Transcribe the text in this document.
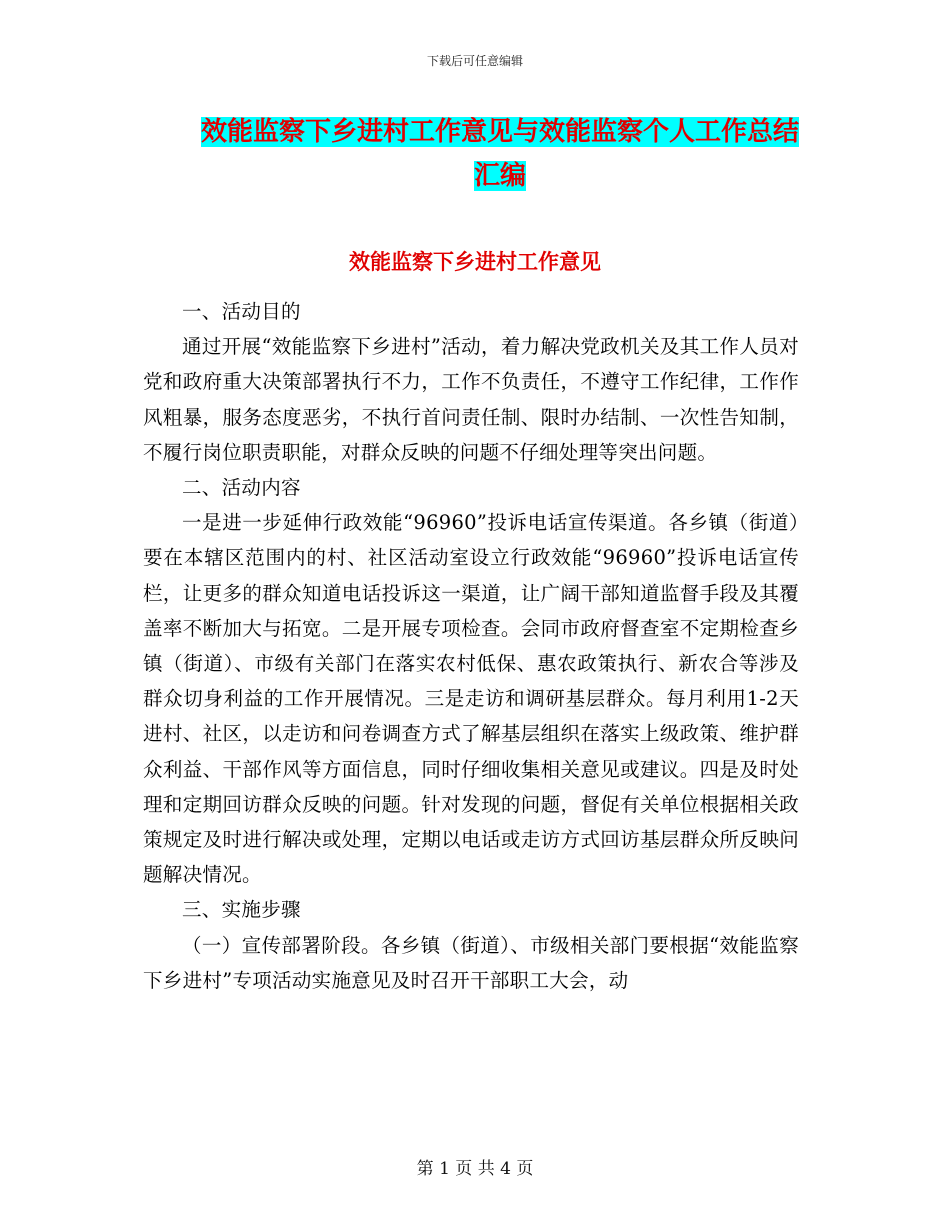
下载后可任意编辑
效能监察下乡进村工作意见与效能监察个人工作总结汇编
效能监察下乡进村工作意见

一、活动目的

通过开展“效能监察下乡进村”活动，着力解决党政机关及其工作人员对党和政府重大决策部署执行不力，工作不负责任，不遵守工作纪律，工作作风粗暴，服务态度恶劣，不执行首问责任制、限时办结制、一次性告知制，不履行岗位职责职能，对群众反映的问题不仔细处理等突出问题。

二、活动内容

一是进一步延伸行政效能“96960”投诉电话宣传渠道。各乡镇（街道）要在本辖区范围内的村、社区活动室设立行政效能“96960”投诉电话宣传栏，让更多的群众知道电话投诉这一渠道，让广阔干部知道监督手段及其覆盖率不断加大与拓宽。二是开展专项检查。会同市政府督查室不定期检查乡镇（街道）、市级有关部门在落实农村低保、惠农政策执行、新农合等涉及群众切身利益的工作开展情况。三是走访和调研基层群众。每月利用1-2天进村、社区，以走访和问卷调查方式了解基层组织在落实上级政策、维护群众利益、干部作风等方面信息，同时仔细收集相关意见或建议。四是及时处理和定期回访群众反映的问题。针对发现的问题，督促有关单位根据相关政策规定及时进行解决或处理，定期以电话或走访方式回访基层群众所反映问题解决情况。

三、实施步骤

（一）宣传部署阶段。各乡镇（街道）、市级相关部门要根据“效能监察下乡进村”专项活动实施意见及时召开干部职工大会，动

第 1 页 共 4 页
